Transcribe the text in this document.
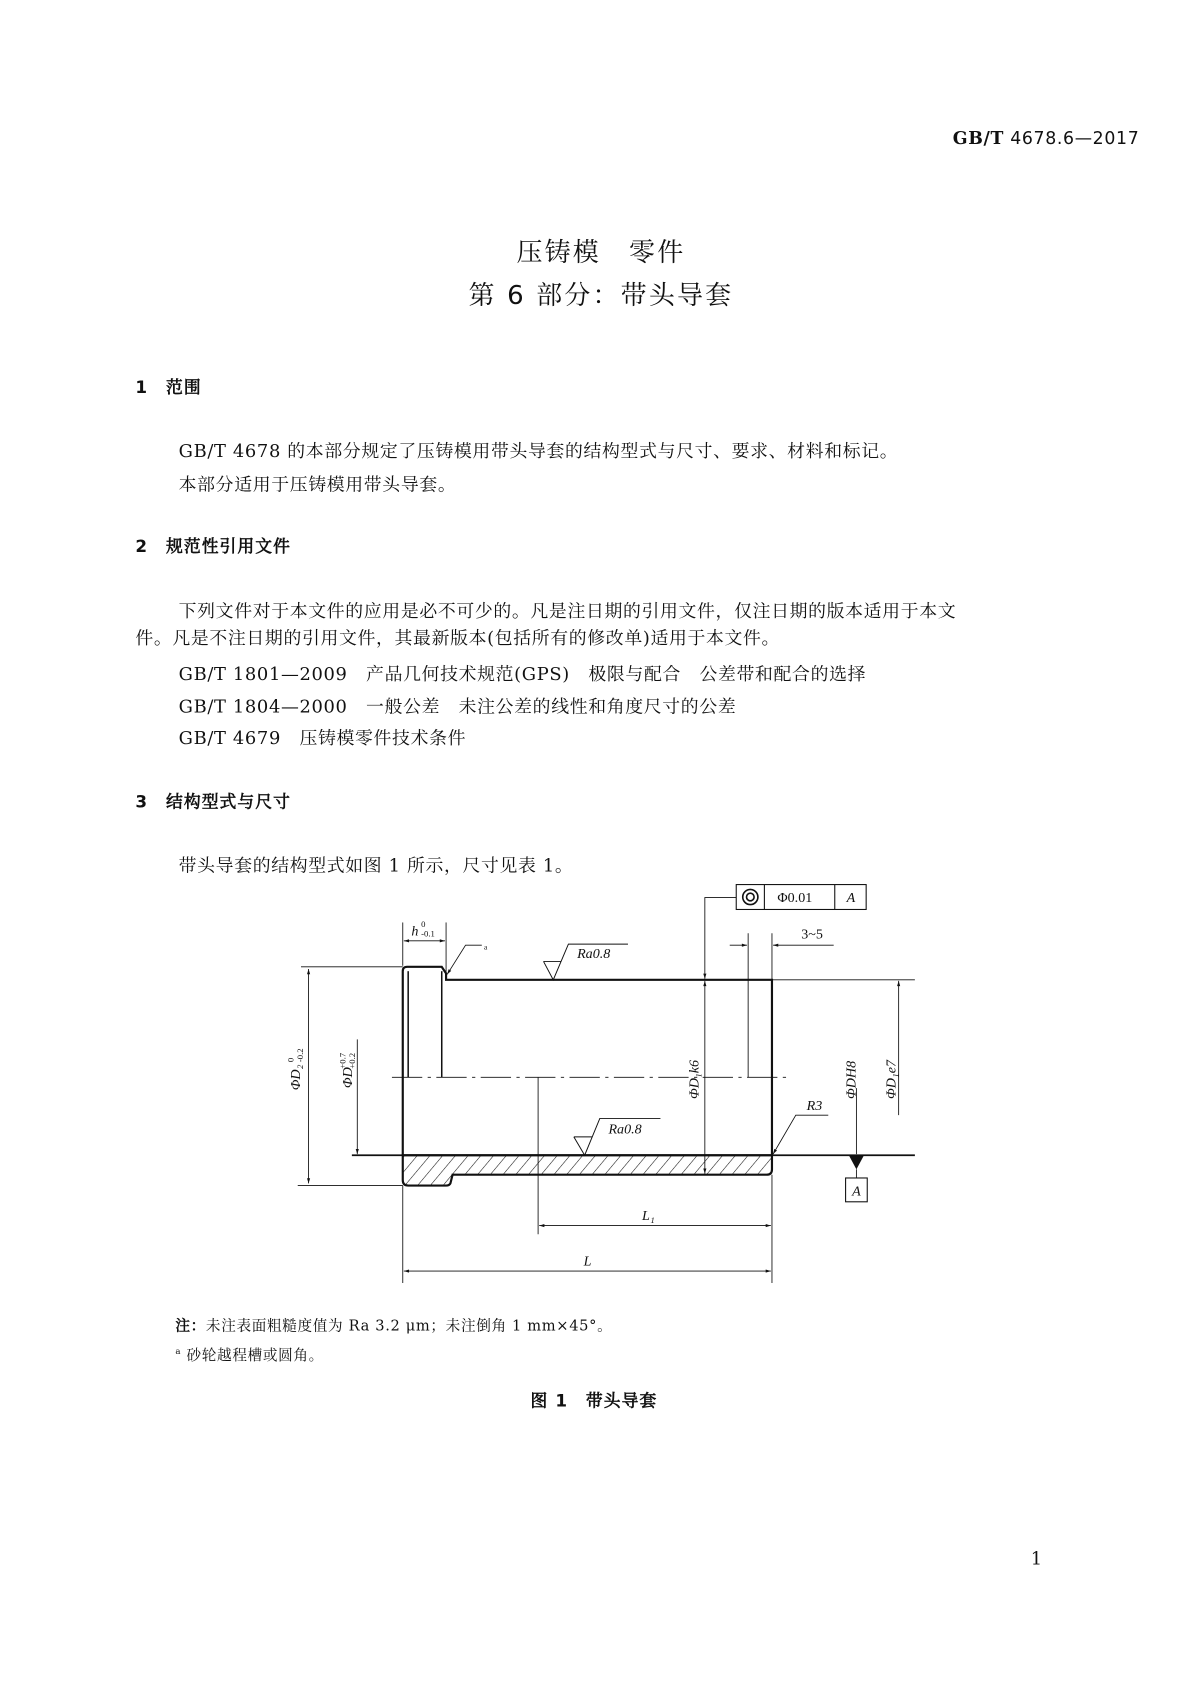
GB/T 4678.6—2017
压铸模　零件
第 6 部分：带头导套
1　范围
GB/T 4678 的本部分规定了压铸模用带头导套的结构型式与尺寸、要求、材料和标记。
本部分适用于压铸模用带头导套。
2　规范性引用文件
下列文件对于本文件的应用是必不可少的。凡是注日期的引用文件，仅注日期的版本适用于本文
件。凡是不注日期的引用文件，其最新版本(包括所有的修改单)适用于本文件。
GB/T 1801—2009　产品几何技术规范(GPS)　极限与配合　公差带和配合的选择
GB/T 1804—2000　一般公差　未注公差的线性和角度尺寸的公差
GB/T 4679　压铸模零件技术条件
3　结构型式与尺寸
带头导套的结构型式如图 1 所示，尺寸见表 1。
Φ0.01	A
h 0
-0.1
a	Ra0.8
Ra0.8
3~5
R3
A
L₁
L
ΦD₂
0 -0.2
ΦD
+0.7 +0.2	ΦD₁k6	ΦDH8 ΦD₁e7
注：未注表面粗糙度值为 Ra 3.2 μm；未注倒角 1 mm×45°。
$^a$ 砂轮越程槽或圆角。
图 1　带头导套
1
